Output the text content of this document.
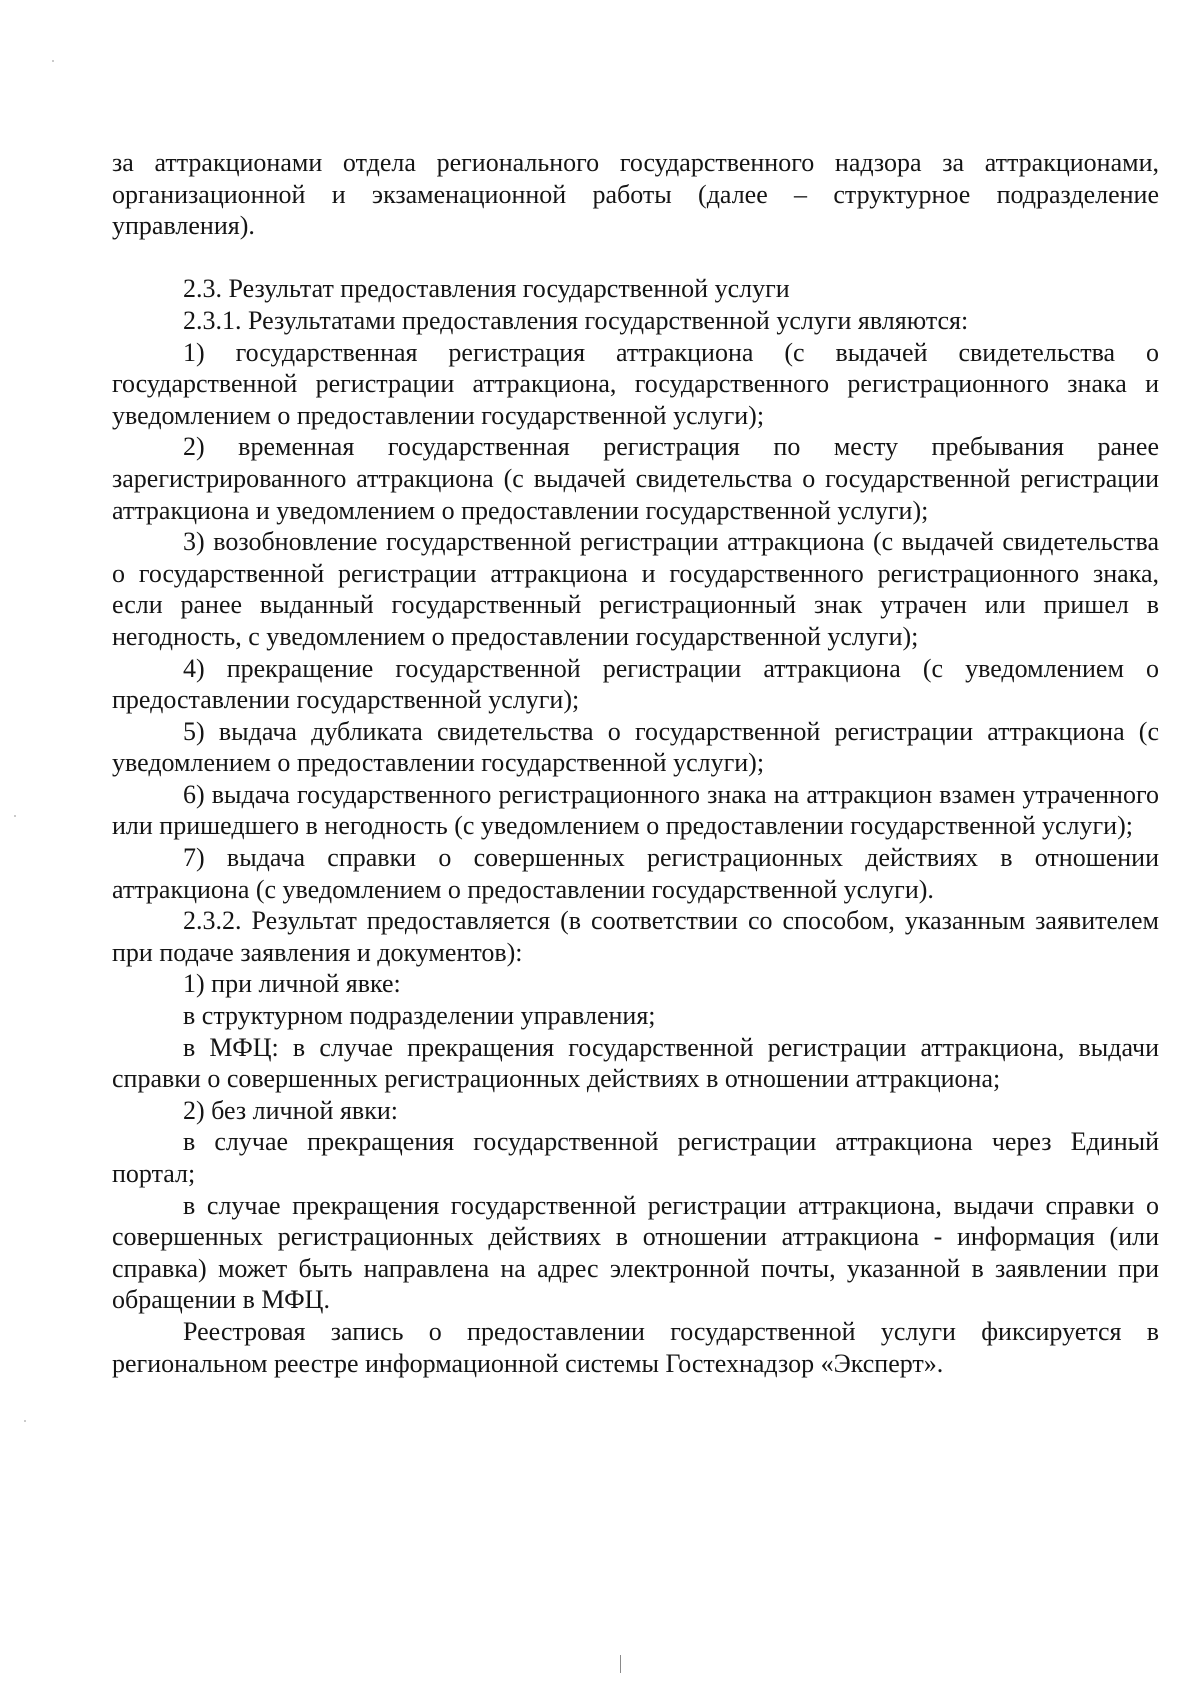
за аттракционами отдела регионального государственного надзора за аттракционами, организационной и экзаменационной работы (далее – структурное подразделение управления).

2.3. Результат предоставления государственной услуги

2.3.1. Результатами предоставления государственной услуги являются:

1) государственная регистрация аттракциона (с выдачей свидетельства о государственной регистрации аттракциона, государственного регистрационного знака и уведомлением о предоставлении государственной услуги);

2) временная государственная регистрация по месту пребывания ранее зарегистрированного аттракциона (с выдачей свидетельства о государственной регистрации аттракциона и уведомлением о предоставлении государственной услуги);

3) возобновление государственной регистрации аттракциона (с выдачей свидетельства о государственной регистрации аттракциона и государственного регистрационного знака, если ранее выданный государственный регистрационный знак утрачен или пришел в негодность, с уведомлением о предоставлении государственной услуги);

4) прекращение государственной регистрации аттракциона (с уведомлением о предоставлении государственной услуги);

5) выдача дубликата свидетельства о государственной регистрации аттракциона (с уведомлением о предоставлении государственной услуги);

6) выдача государственного регистрационного знака на аттракцион взамен утраченного или пришедшего в негодность (с уведомлением о предоставлении государственной услуги);

7) выдача справки о совершенных регистрационных действиях в отношении аттракциона (с уведомлением о предоставлении государственной услуги).

2.3.2. Результат предоставляется (в соответствии со способом, указанным заявителем при подаче заявления и документов):

1) при личной явке:

в структурном подразделении управления;

в МФЦ: в случае прекращения государственной регистрации аттракциона, выдачи справки о совершенных регистрационных действиях в отношении аттракциона;

2) без личной явки:

в случае прекращения государственной регистрации аттракциона через Единый портал;

в случае прекращения государственной регистрации аттракциона, выдачи справки о совершенных регистрационных действиях в отношении аттракциона - информация (или справка) может быть направлена на адрес электронной почты, указанной в заявлении при обращении в МФЦ.

Реестровая запись о предоставлении государственной услуги фиксируется в региональном реестре информационной системы Гостехнадзор «Эксперт».
